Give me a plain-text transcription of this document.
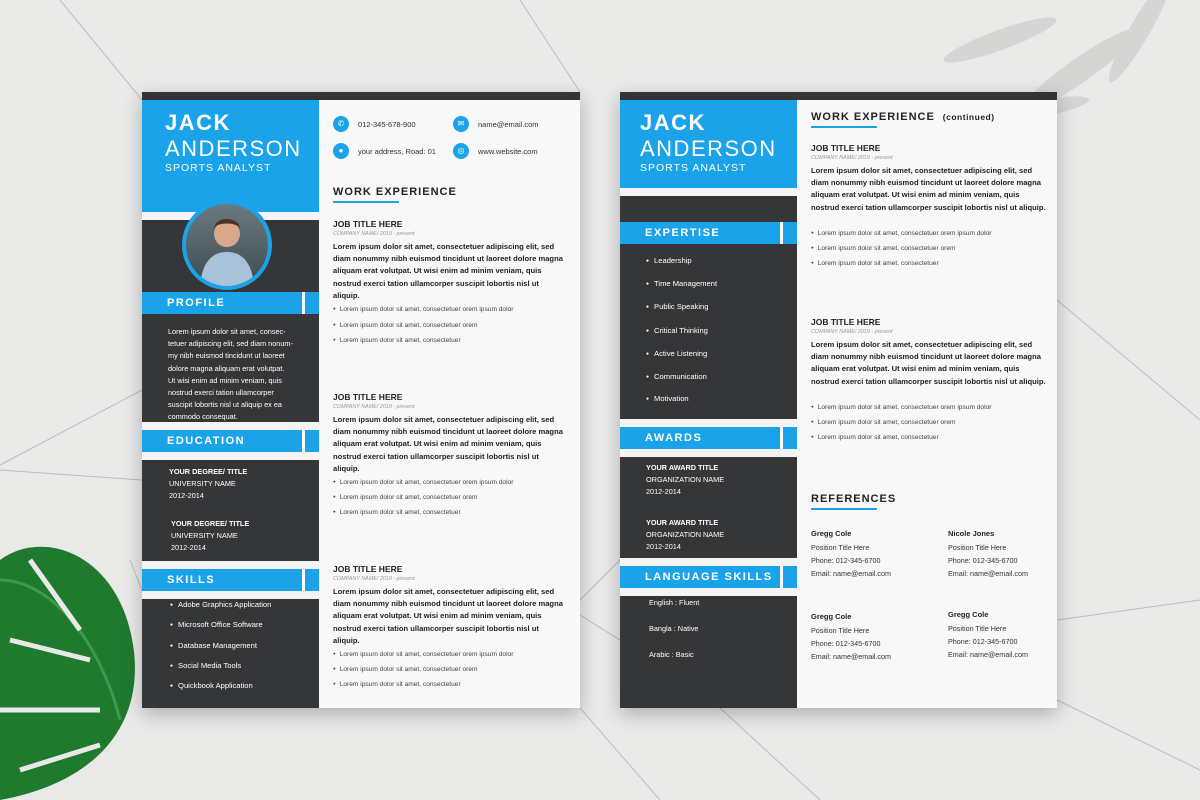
JACK
ANDERSON
SPORTS ANALYST
PROFILE
Lorem ipsum dolor sit amet, consec-
tetuer adipiscing elit, sed diam nonum-
my nibh euismod tincidunt ut laoreet
dolore magna aliquam erat volutpat.
Ut wisi enim ad minim veniam, quis
nostrud exerci tation ullamcorper
suscipit lobortis nisl ut aliquip ex ea
commodo consequat.
EDUCATION
YOUR DEGREE/ TITLE
UNIVERSITY NAME
2012-2014
YOUR DEGREE/ TITLE
UNIVERSITY NAME
2012-2014
SKILLS
● Adobe Graphics Application
● Microsoft Office Software
● Database Management
● Social Media Tools
● Quickbook Application
✆	012-345-678-900	✉	name@email.com
●	your address, Road: 01	◎	www.website.com
WORK EXPERIENCE
JOB TITLE HERE
COMPANY NAME/ 2019 - present
Lorem ipsum dolor sit amet, consectetuer adipiscing elit, sed diam nonummy nibh euismod tincidunt ut laoreet dolore magna aliquam erat volutpat. Ut wisi enim ad minim veniam, quis nostrud exerci tation ullamcorper suscipit lobortis nisl ut aliquip.
● Lorem ipsum dolor sit amet, consectetuer orem ipsum dolor
● Lorem ipsum dolor sit amet, consectetuer orem
● Lorem ipsum dolor sit amet, consectetuer
JOB TITLE HERE
COMPANY NAME/ 2019 - present
Lorem ipsum dolor sit amet, consectetuer adipiscing elit, sed diam nonummy nibh euismod tincidunt ut laoreet dolore magna aliquam erat volutpat. Ut wisi enim ad minim veniam, quis nostrud exerci tation ullamcorper suscipit lobortis nisl ut aliquip.
● Lorem ipsum dolor sit amet, consectetuer orem ipsum dolor
● Lorem ipsum dolor sit amet, consectetuer orem
● Lorem ipsum dolor sit amet, consectetuer
JOB TITLE HERE
COMPANY NAME/ 2019 - present
Lorem ipsum dolor sit amet, consectetuer adipiscing elit, sed diam nonummy nibh euismod tincidunt ut laoreet dolore magna aliquam erat volutpat. Ut wisi enim ad minim veniam, quis nostrud exerci tation ullamcorper suscipit lobortis nisl ut aliquip.
● Lorem ipsum dolor sit amet, consectetuer orem ipsum dolor
● Lorem ipsum dolor sit amet, consectetuer orem
● Lorem ipsum dolor sit amet, consectetuer
JACK
ANDERSON
SPORTS ANALYST
EXPERTISE
● Leadership
● Time Management
● Public Speaking
● Critical Thinking
● Active Listening
● Communication
● Motivation
AWARDS
YOUR AWARD TITLE
ORGANIZATION NAME
2012-2014
YOUR AWARD TITLE
ORGANIZATION NAME
2012-2014
LANGUAGE SKILLS
English : Fluent
Bangla : Native
Arabic : Basic
WORK EXPERIENCE (continued)
JOB TITLE HERE
COMPANY NAME/ 2019 - present
Lorem ipsum dolor sit amet, consectetuer adipiscing elit, sed diam nonummy nibh euismod tincidunt ut laoreet dolore magna aliquam erat volutpat. Ut wisi enim ad minim veniam, quis nostrud exerci tation ullamcorper suscipit lobortis nisl ut aliquip.
● Lorem ipsum dolor sit amet, consectetuer orem ipsum dolor
● Lorem ipsum dolor sit amet, consectetuer orem
● Lorem ipsum dolor sit amet, consectetuer
JOB TITLE HERE
COMPANY NAME/ 2019 - present
Lorem ipsum dolor sit amet, consectetuer adipiscing elit, sed diam nonummy nibh euismod tincidunt ut laoreet dolore magna aliquam erat volutpat. Ut wisi enim ad minim veniam, quis nostrud exerci tation ullamcorper suscipit lobortis nisl ut aliquip.
● Lorem ipsum dolor sit amet, consectetuer orem ipsum dolor
● Lorem ipsum dolor sit amet, consectetuer orem
● Lorem ipsum dolor sit amet, consectetuer
REFERENCES
Gregg Cole
Position Title Here
Phone: 012-345-6700
Email: name@email.com
Nicole Jones
Position Title Here
Phone: 012-345-6700
Email: name@email.com
Gregg Cole
Position Title Here
Phone: 012-345-6700
Email: name@email.com
Gregg Cole
Position Title Here
Phone: 012-345-6700
Email: name@email.com
